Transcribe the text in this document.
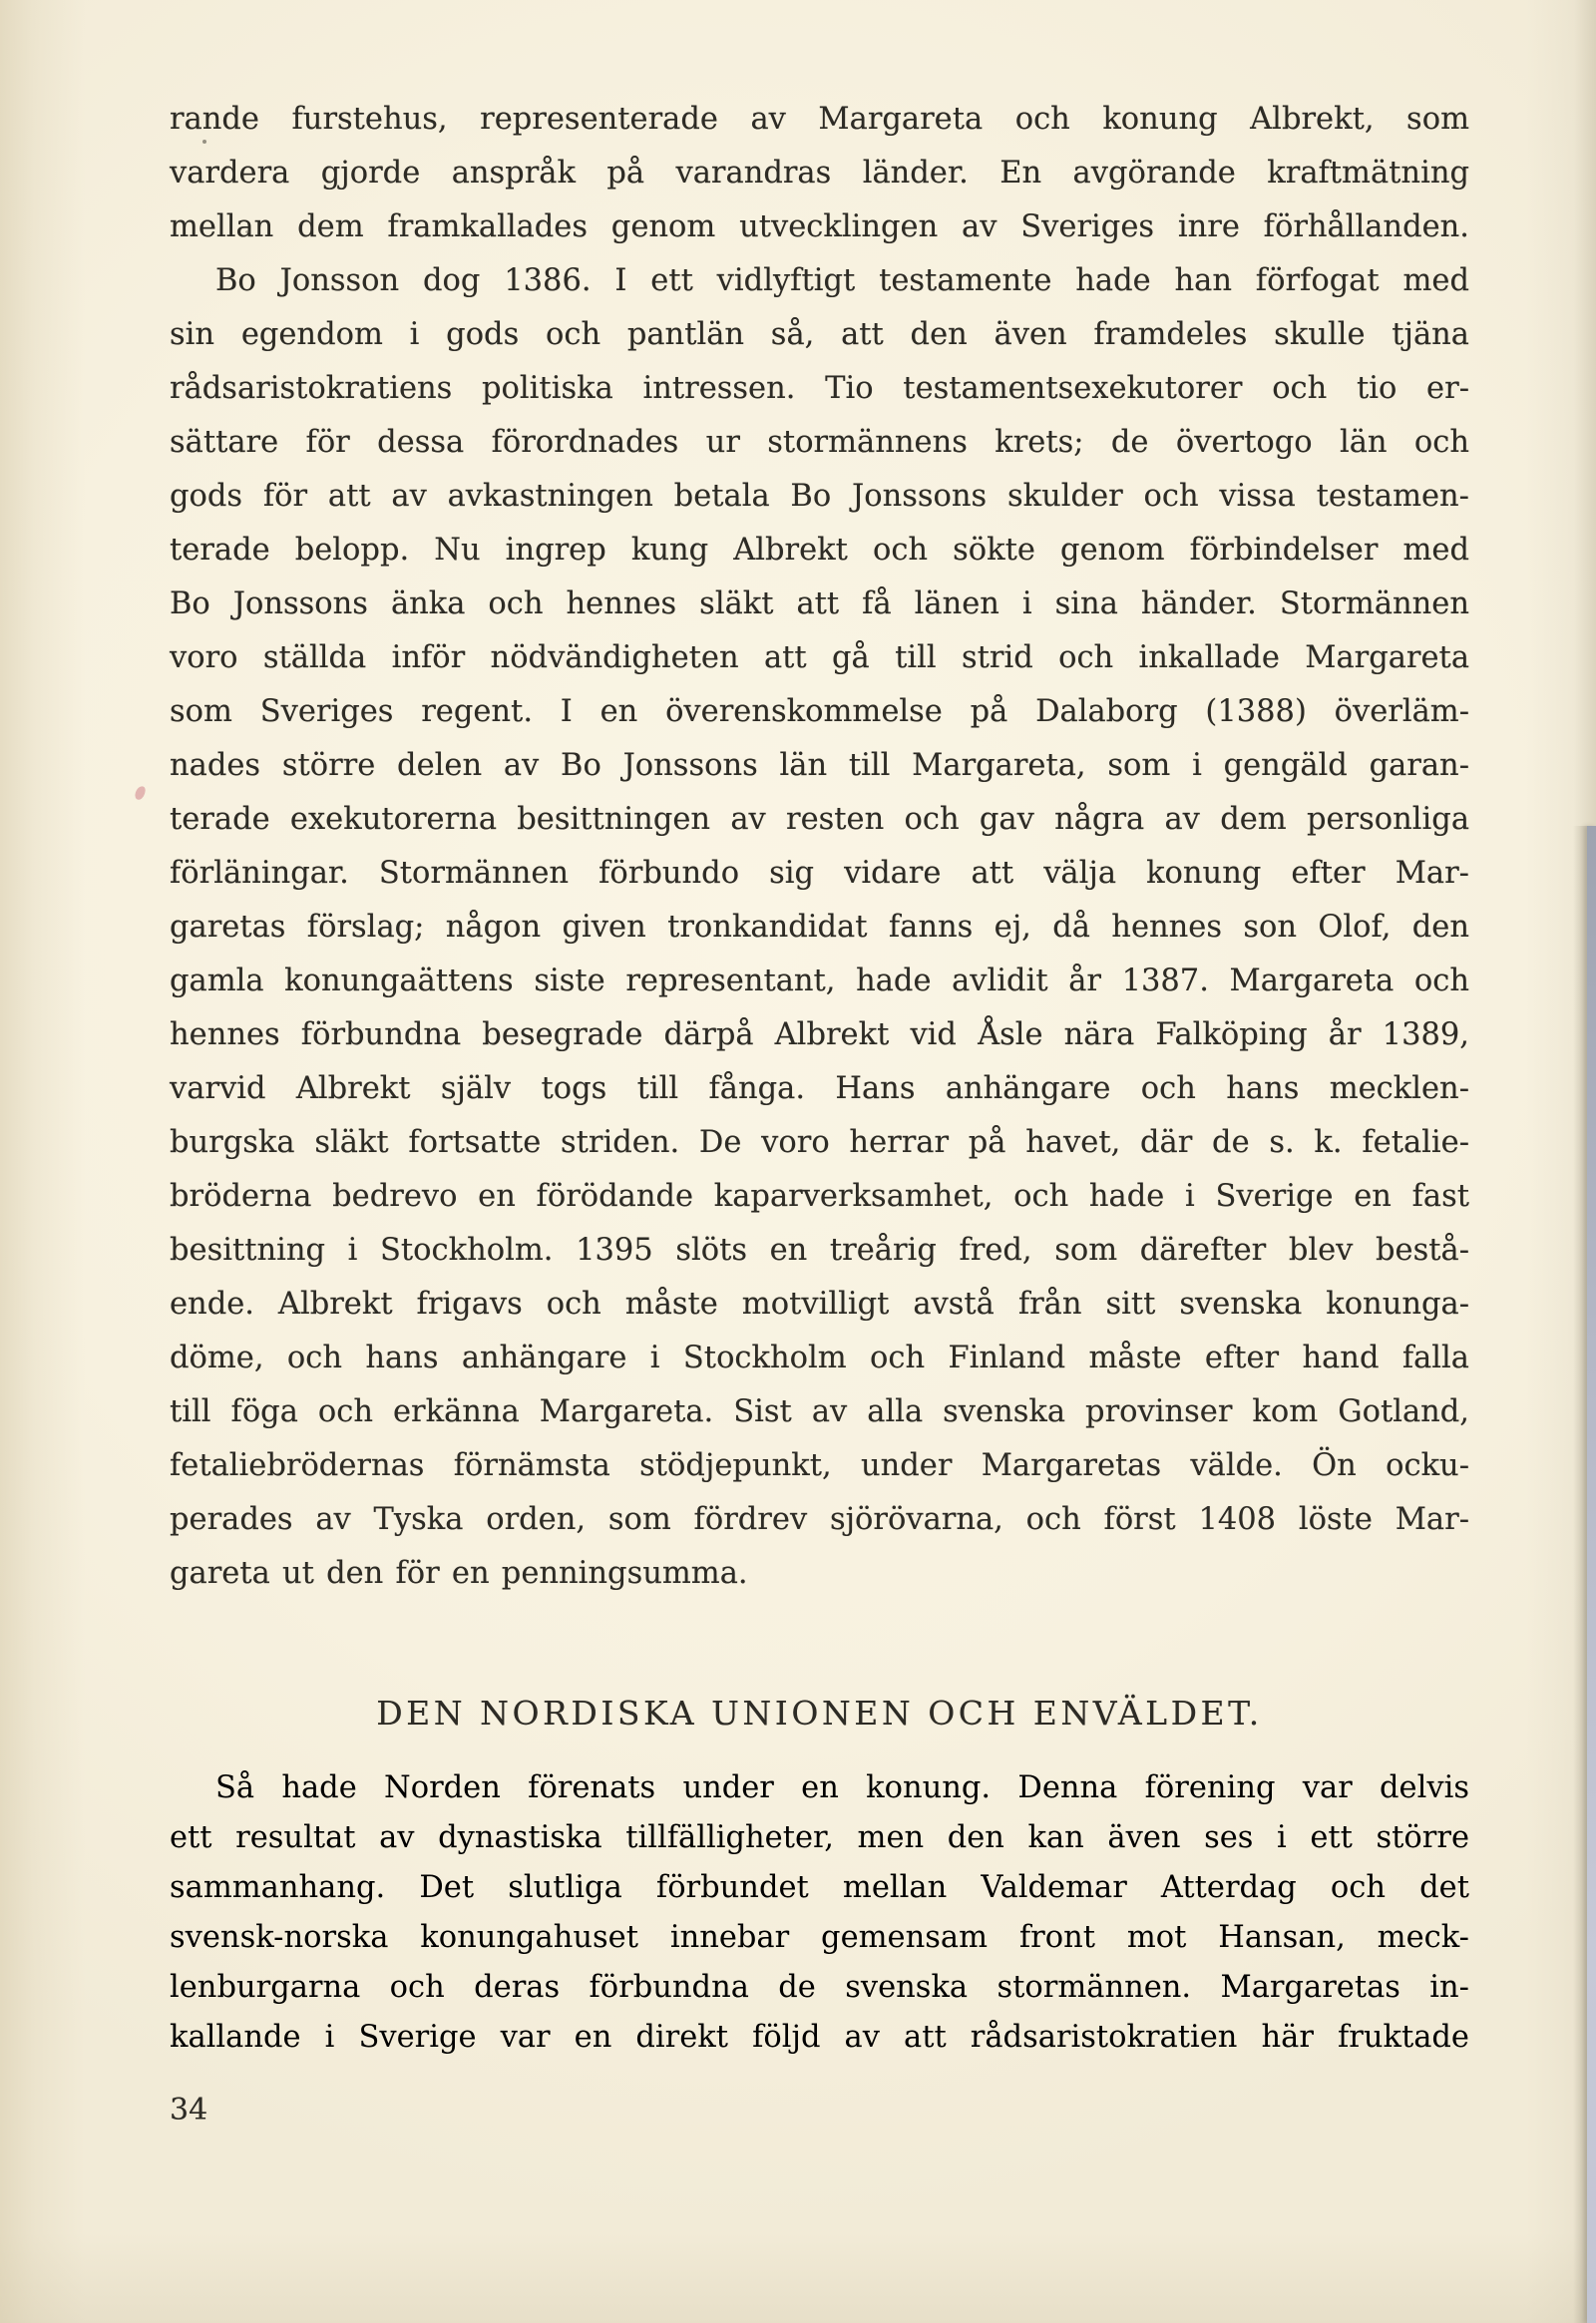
rande furstehus, representerade av Margareta och konung Albrekt, som
vardera gjorde anspråk på varandras länder. En avgörande kraftmätning
mellan dem framkallades genom utvecklingen av Sveriges inre förhållanden.
Bo Jonsson dog 1386. I ett vidlyftigt testamente hade han förfogat med
sin egendom i gods och pantlän så, att den även framdeles skulle tjäna
rådsaristokratiens politiska intressen. Tio testamentsexekutorer och tio er-
sättare för dessa förordnades ur stormännens krets; de övertogo län och
gods för att av avkastningen betala Bo Jonssons skulder och vissa testamen-
terade belopp. Nu ingrep kung Albrekt och sökte genom förbindelser med
Bo Jonssons änka och hennes släkt att få länen i sina händer. Stormännen
voro ställda inför nödvändigheten att gå till strid och inkallade Margareta
som Sveriges regent. I en överenskommelse på Dalaborg (1388) överläm-
nades större delen av Bo Jonssons län till Margareta, som i gengäld garan-
terade exekutorerna besittningen av resten och gav några av dem personliga
förläningar. Stormännen förbundo sig vidare att välja konung efter Mar-
garetas förslag; någon given tronkandidat fanns ej, då hennes son Olof, den
gamla konungaättens siste representant, hade avlidit år 1387. Margareta och
hennes förbundna besegrade därpå Albrekt vid Åsle nära Falköping år 1389,
varvid Albrekt själv togs till fånga. Hans anhängare och hans mecklen-
burgska släkt fortsatte striden. De voro herrar på havet, där de s. k. fetalie-
bröderna bedrevo en förödande kaparverksamhet, och hade i Sverige en fast
besittning i Stockholm. 1395 slöts en treårig fred, som därefter blev bestå-
ende. Albrekt frigavs och måste motvilligt avstå från sitt svenska konunga-
döme, och hans anhängare i Stockholm och Finland måste efter hand falla
till föga och erkänna Margareta. Sist av alla svenska provinser kom Gotland,
fetaliebrödernas förnämsta stödjepunkt, under Margaretas välde. Ön ocku-
perades av Tyska orden, som fördrev sjörövarna, och först 1408 löste Mar-
gareta ut den för en penningsumma.
DEN NORDISKA UNIONEN OCH ENVÄLDET.
Så hade Norden förenats under en konung. Denna förening var delvis
ett resultat av dynastiska tillfälligheter, men den kan även ses i ett större
sammanhang. Det slutliga förbundet mellan Valdemar Atterdag och det
svensk-norska konungahuset innebar gemensam front mot Hansan, meck-
lenburgarna och deras förbundna de svenska stormännen. Margaretas in-
kallande i Sverige var en direkt följd av att rådsaristokratien här fruktade
34
